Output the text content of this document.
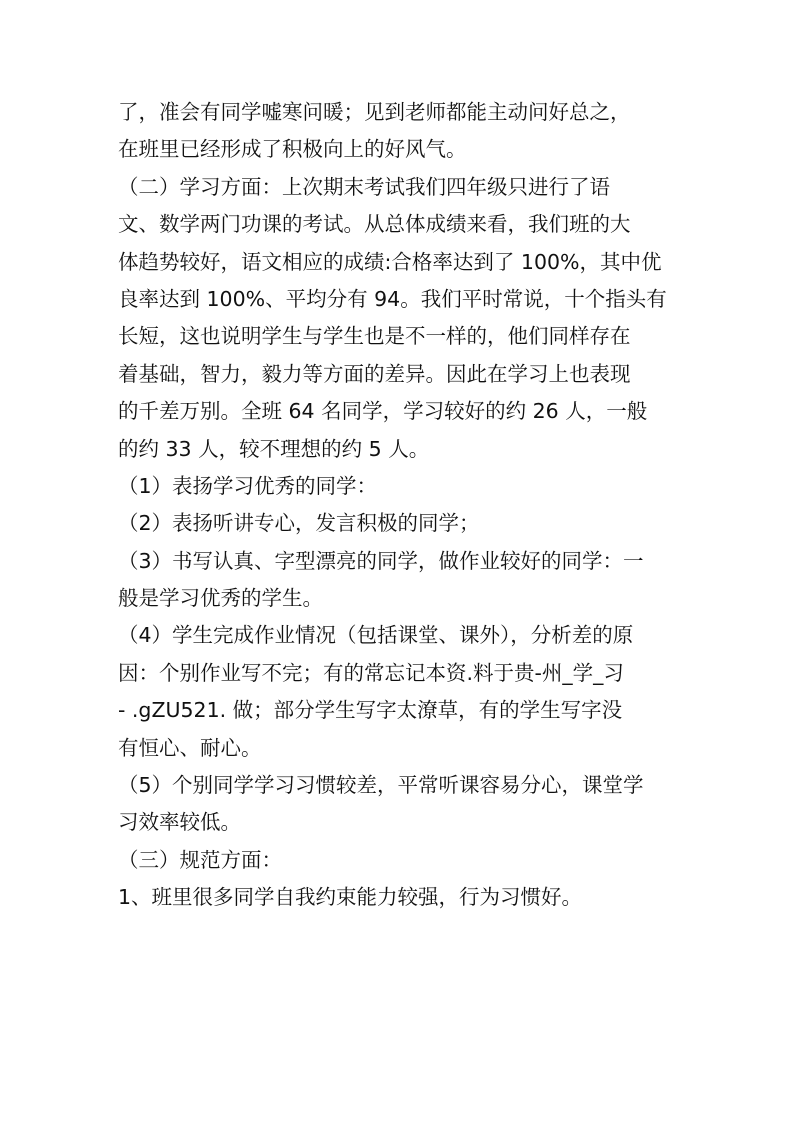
了，准会有同学嘘寒问暖；见到老师都能主动问好总之，
在班里已经形成了积极向上的好风气。
（二）学习方面：上次期末考试我们四年级只进行了语
文、数学两门功课的考试。从总体成绩来看，我们班的大
体趋势较好，语文相应的成绩:合格率达到了 100%，其中优
良率达到 100%、平均分有 94。我们平时常说，十个指头有
长短，这也说明学生与学生也是不一样的，他们同样存在
着基础，智力，毅力等方面的差异。因此在学习上也表现
的千差万别。全班 64 名同学，学习较好的约 26 人，一般
的约 33 人，较不理想的约 5 人。
（1）表扬学习优秀的同学：
（2）表扬听讲专心，发言积极的同学；
（3）书写认真、字型漂亮的同学，做作业较好的同学：一
般是学习优秀的学生。
（4）学生完成作业情况（包括课堂、课外），分析差的原
因：个别作业写不完；有的常忘记本资.料于贵-州_学_习
- .gZU521. 做；部分学生写字太潦草，有的学生写字没
有恒心、耐心。
（5）个别同学学习习惯较差，平常听课容易分心，课堂学
习效率较低。
（三）规范方面：
1、班里很多同学自我约束能力较强，行为习惯好。
